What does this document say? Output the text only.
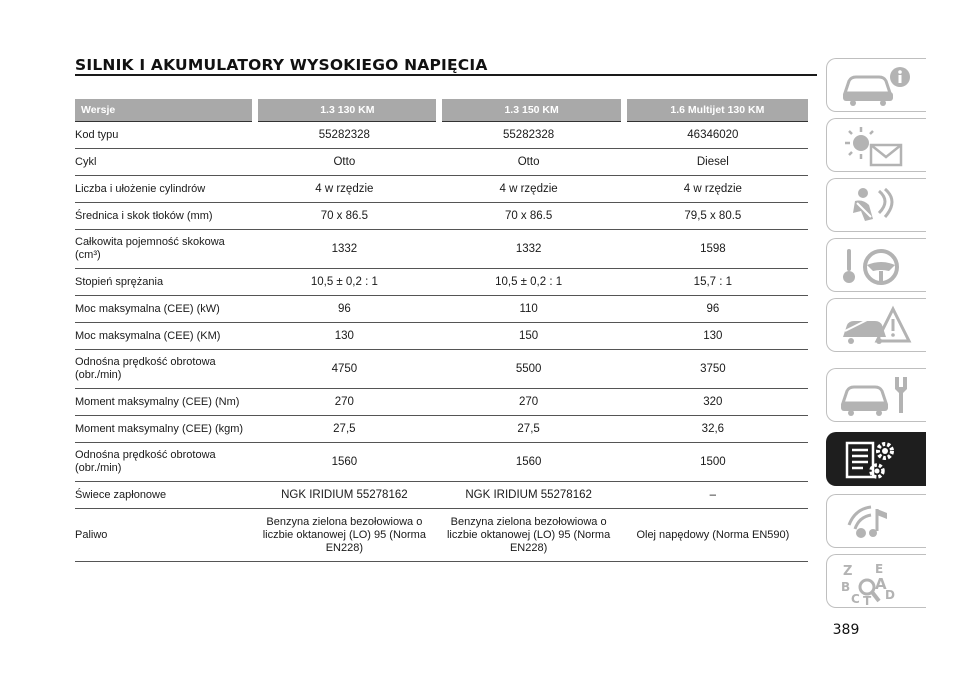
SILNIK I AKUMULATORY WYSOKIEGO NAPIĘCIA
Wersje	1.3 130 KM	1.3 150 KM	1.6 Multijet 130 KM
Kod typu	55282328	55282328	46346020
Cykl	Otto	Otto	Diesel
Liczba i ułożenie cylindrów	4 w rzędzie	4 w rzędzie	4 w rzędzie
Średnica i skok tłoków (mm)	70 x 86.5	70 x 86.5	79,5 x 80.5
Całkowita pojemność skokowa (cm³)	1332	1332	1598
Stopień sprężania	10,5 ± 0,2 : 1	10,5 ± 0,2 : 1	15,7 : 1
Moc maksymalna (CEE) (kW)	96	110	96
Moc maksymalna (CEE) (KM)	130	150	130
Odnośna prędkość obrotowa (obr./min)	4750	5500	3750
Moment maksymalny (CEE) (Nm)	270	270	320
Moment maksymalny (CEE) (kgm)	27,5	27,5	32,6
Odnośna prędkość obrotowa (obr./min)	1560	1560	1500
Świece zapłonowe	NGK IRIDIUM 55278162	NGK IRIDIUM 55278162	–
Paliwo	Benzyna zielona bezołowiowa o liczbie oktanowej (LO) 95 (Norma EN228)	Benzyna zielona bezołowiowa o liczbie oktanowej (LO) 95 (Norma EN228)	Olej napędowy (Norma EN590)
Z E
B A
C T D
389
